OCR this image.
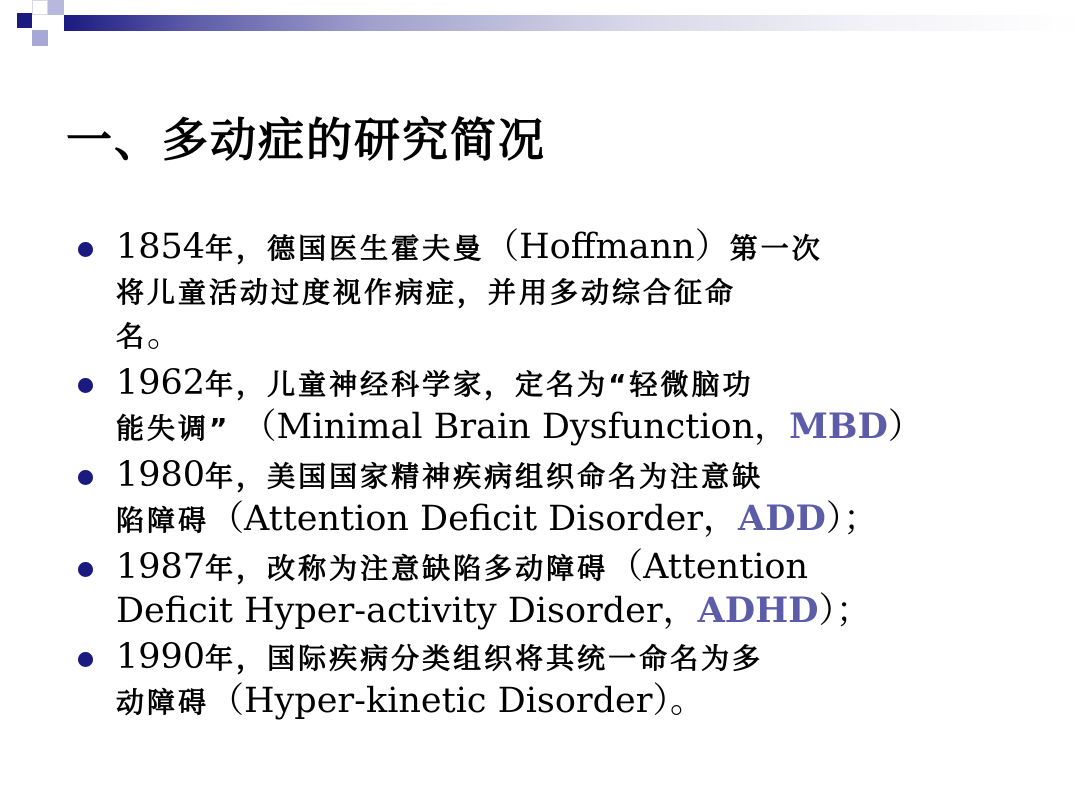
一、多动症的研究简况
1854年，德国医生霍夫曼（Hoffmann）第一次
将儿童活动过度视作病症，并用多动综合征命
名。
1962年，儿童神经科学家，定名为“轻微脑功
能失调” （Minimal Brain Dysfunction，MBD）
1980年，美国国家精神疾病组织命名为注意缺
陷障碍（Attention Deficit Disorder，ADD）；
1987年，改称为注意缺陷多动障碍（Attention
Deficit Hyper-activity Disorder，ADHD）；
1990年，国际疾病分类组织将其统一命名为多
动障碍（Hyper-kinetic Disorder）。
